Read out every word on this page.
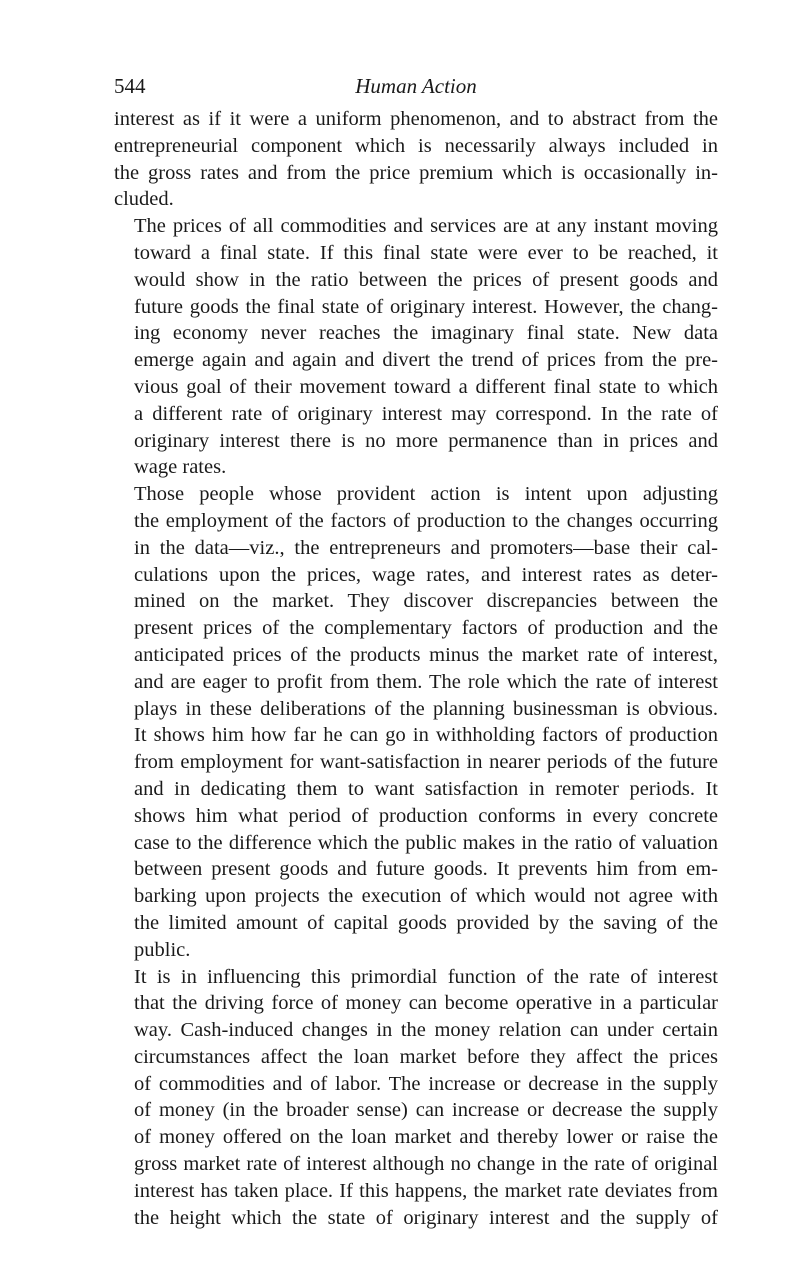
544	Human Action

interest as if it were a uniform phenomenon, and to abstract from the
entrepreneurial component which is necessarily always included in
the gross rates and from the price premium which is occasionally in-
cluded.

The prices of all commodities and services are at any instant moving
toward a final state. If this final state were ever to be reached, it
would show in the ratio between the prices of present goods and
future goods the final state of originary interest. However, the chang-
ing economy never reaches the imaginary final state. New data
emerge again and again and divert the trend of prices from the pre-
vious goal of their movement toward a different final state to which
a different rate of originary interest may correspond. In the rate of
originary interest there is no more permanence than in prices and
wage rates.

Those people whose provident action is intent upon adjusting
the employment of the factors of production to the changes occurring
in the data—viz., the entrepreneurs and promoters—base their cal-
culations upon the prices, wage rates, and interest rates as deter-
mined on the market. They discover discrepancies between the
present prices of the complementary factors of production and the
anticipated prices of the products minus the market rate of interest,
and are eager to profit from them. The role which the rate of interest
plays in these deliberations of the planning businessman is obvious.
It shows him how far he can go in withholding factors of production
from employment for want-satisfaction in nearer periods of the future
and in dedicating them to want satisfaction in remoter periods. It
shows him what period of production conforms in every concrete
case to the difference which the public makes in the ratio of valuation
between present goods and future goods. It prevents him from em-
barking upon projects the execution of which would not agree with
the limited amount of capital goods provided by the saving of the
public.

It is in influencing this primordial function of the rate of interest
that the driving force of money can become operative in a particular
way. Cash-induced changes in the money relation can under certain
circumstances affect the loan market before they affect the prices
of commodities and of labor. The increase or decrease in the supply
of money (in the broader sense) can increase or decrease the supply
of money offered on the loan market and thereby lower or raise the
gross market rate of interest although no change in the rate of original
interest has taken place. If this happens, the market rate deviates from
the height which the state of originary interest and the supply of
